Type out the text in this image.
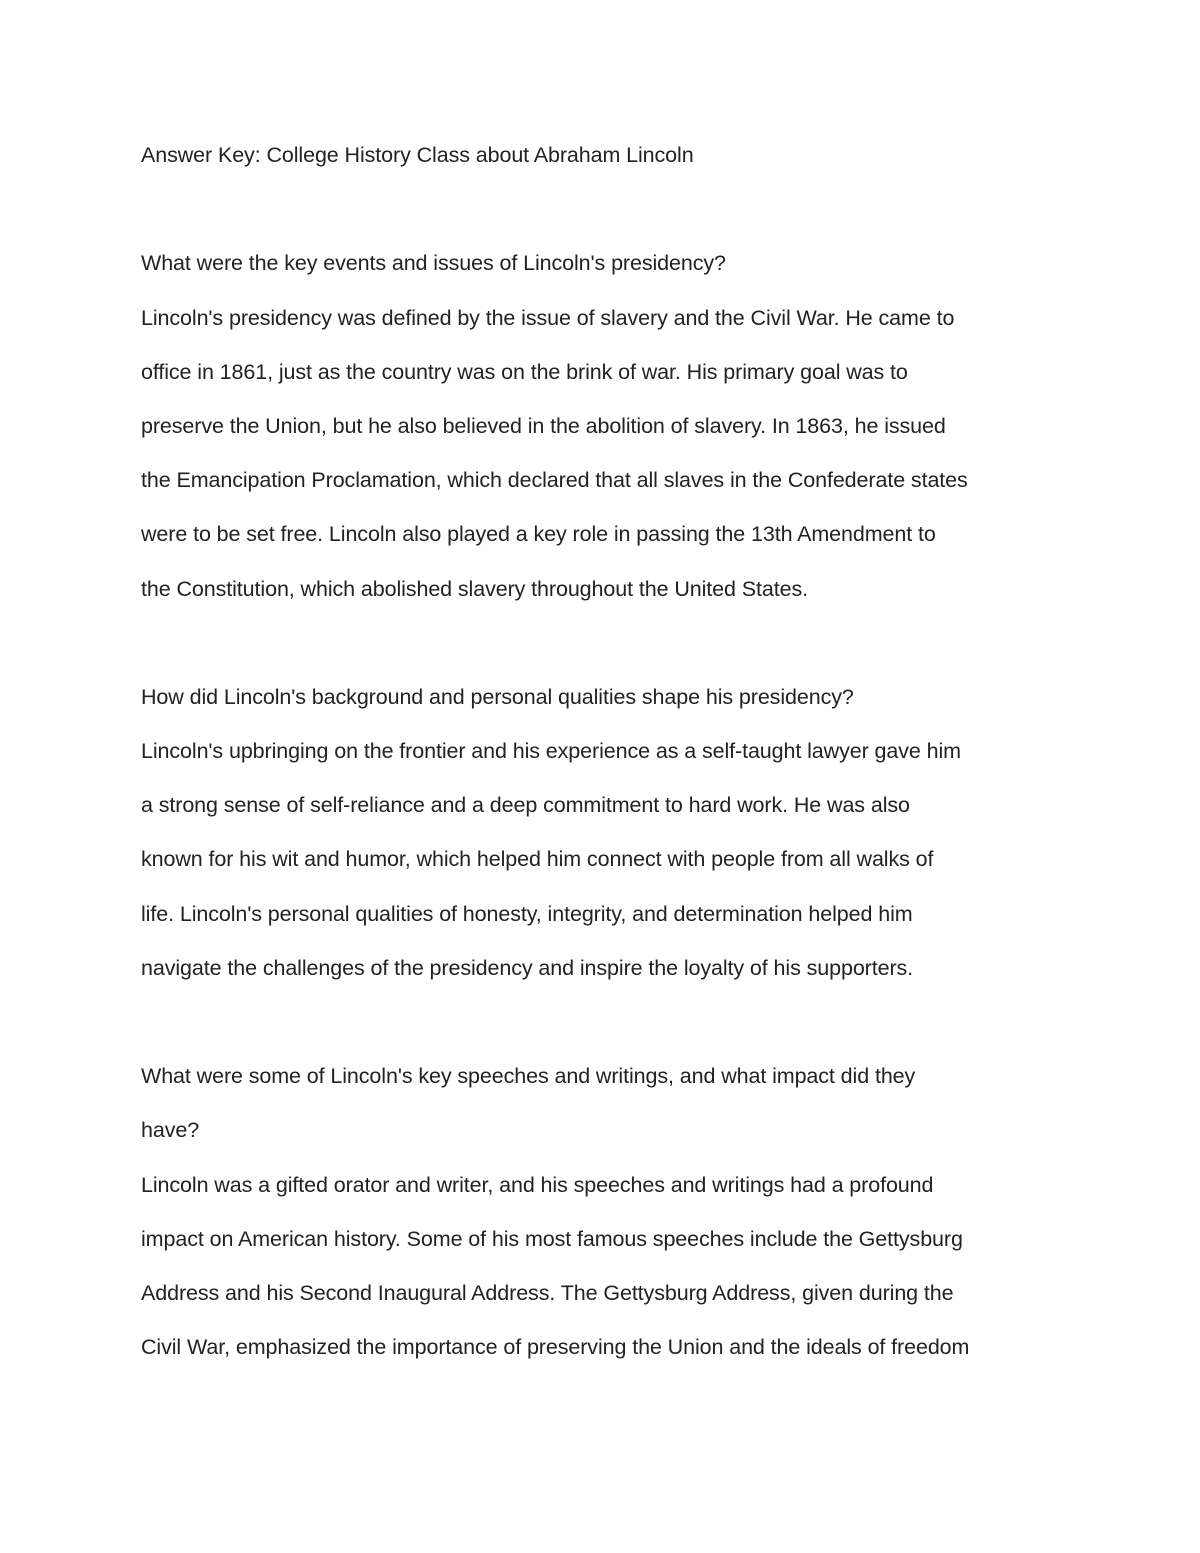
Answer Key: College History Class about Abraham Lincoln
What were the key events and issues of Lincoln's presidency?
Lincoln's presidency was defined by the issue of slavery and the Civil War. He came to
office in 1861, just as the country was on the brink of war. His primary goal was to
preserve the Union, but he also believed in the abolition of slavery. In 1863, he issued
the Emancipation Proclamation, which declared that all slaves in the Confederate states
were to be set free. Lincoln also played a key role in passing the 13th Amendment to
the Constitution, which abolished slavery throughout the United States.
How did Lincoln's background and personal qualities shape his presidency?
Lincoln's upbringing on the frontier and his experience as a self-taught lawyer gave him
a strong sense of self-reliance and a deep commitment to hard work. He was also
known for his wit and humor, which helped him connect with people from all walks of
life. Lincoln's personal qualities of honesty, integrity, and determination helped him
navigate the challenges of the presidency and inspire the loyalty of his supporters.
What were some of Lincoln's key speeches and writings, and what impact did they
have?
Lincoln was a gifted orator and writer, and his speeches and writings had a profound
impact on American history. Some of his most famous speeches include the Gettysburg
Address and his Second Inaugural Address. The Gettysburg Address, given during the
Civil War, emphasized the importance of preserving the Union and the ideals of freedom
